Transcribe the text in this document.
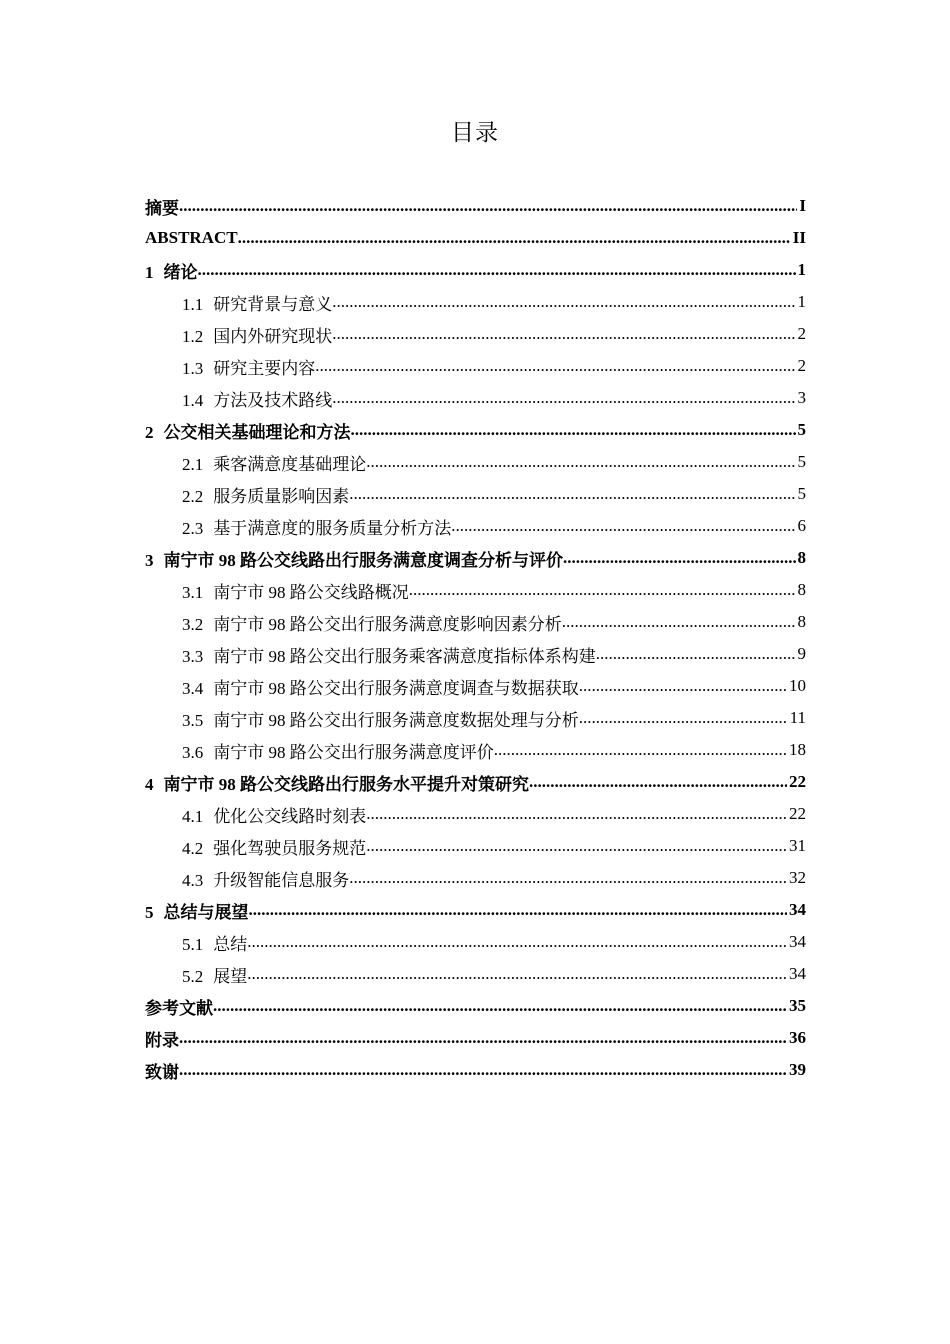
目录
摘要 .....	I
ABSTRACT .....	II
1 绪论 .....	1
1.1 研究背景与意义 .....	1
1.2 国内外研究现状 .....	2
1.3 研究主要内容 .....	2
1.4 方法及技术路线 .....	3
2 公交相关基础理论和方法 .....	5
2.1 乘客满意度基础理论 .....	5
2.2 服务质量影响因素 .....	5
2.3 基于满意度的服务质量分析方法 .....	6
3 南宁市 98 路公交线路出行服务满意度调查分析与评价 .....	8
3.1 南宁市 98 路公交线路概况 .....	8
3.2 南宁市 98 路公交出行服务满意度影响因素分析 .....	8
3.3 南宁市 98 路公交出行服务乘客满意度指标体系构建 .....	9
3.4 南宁市 98 路公交出行服务满意度调查与数据获取 .....	10
3.5 南宁市 98 路公交出行服务满意度数据处理与分析 .....	11
3.6 南宁市 98 路公交出行服务满意度评价 .....	18
4 南宁市 98 路公交线路出行服务水平提升对策研究 .....	22
4.1 优化公交线路时刻表 .....	22
4.2 强化驾驶员服务规范 .....	31
4.3 升级智能信息服务 .....	32
5 总结与展望 .....	34
5.1 总结 .....	34
5.2 展望 .....	34
参考文献 .....	35
附录 .....	36
致谢 .....	39
